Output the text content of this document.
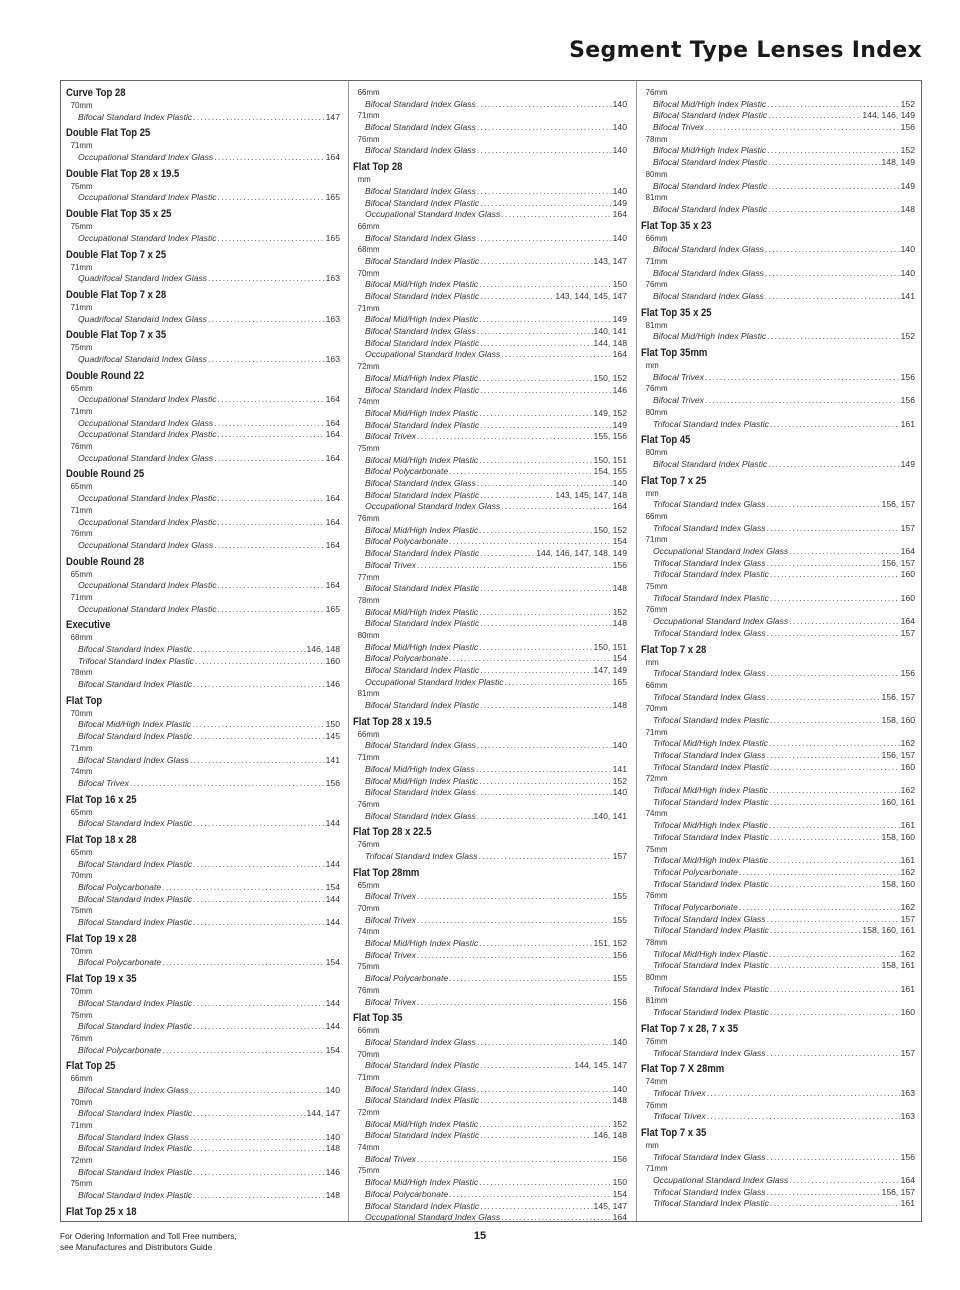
Segment Type Lenses Index
Curve Top 28
70mm
Bifocal Standard Index Plastic .....	147
Double Flat Top 25
71mm
Occupational Standard Index Glass .....	164
Double Flat Top 28 x 19.5
75mm
Occupational Standard Index Plastic .....	165
Double Flat Top 35 x 25
75mm
Occupational Standard Index Plastic .....	165
Double Flat Top 7 x 25
71mm
Quadrifocal Standard Index Glass .....	163
Double Flat Top 7 x 28
71mm
Quadrifocal Standard Index Glass .....	163
Double Flat Top 7 x 35
75mm
Quadrifocal Standard Index Glass .....	163
Double Round 22
65mm
Occupational Standard Index Plastic .....	164
71mm
Occupational Standard Index Glass .....	164
Occupational Standard Index Plastic .....	164
76mm
Occupational Standard Index Glass .....	164
Double Round 25
65mm
Occupational Standard Index Plastic .....	164
71mm
Occupational Standard Index Plastic .....	164
76mm
Occupational Standard Index Glass .....	164
Double Round 28
65mm
Occupational Standard Index Plastic .....	164
71mm
Occupational Standard Index Plastic .....	165
Executive
68mm
Bifocal Standard Index Plastic .....	146, 148
Trifocal Standard Index Plastic .....	160
78mm
Bifocal Standard Index Plastic .....	146
Flat Top
70mm
Bifocal Mid/High Index Plastic .....	150
Bifocal Standard Index Plastic .....	145
71mm
Bifocal Standard Index Glass .....	141
74mm
Bifocal Trivex .....	156
Flat Top 16 x 25
65mm
Bifocal Standard Index Plastic .....	144
Flat Top 18 x 28
65mm
Bifocal Standard Index Plastic .....	144
70mm
Bifocal Polycarbonate .....	154
Bifocal Standard Index Plastic .....	144
75mm
Bifocal Standard Index Plastic .....	144
Flat Top 19 x 28
70mm
Bifocal Polycarbonate .....	154
Flat Top 19 x 35
70mm
Bifocal Standard Index Plastic .....	144
75mm
Bifocal Standard Index Plastic .....	144
76mm
Bifocal Polycarbonate .....	154
Flat Top 25
66mm
Bifocal Standard Index Glass .....	140
70mm
Bifocal Standard Index Plastic .....	144, 147
71mm
Bifocal Standard Index Glass .....	140
Bifocal Standard Index Plastic .....	148
72mm
Bifocal Standard Index Plastic .....	146
75mm
Bifocal Standard Index Plastic .....	148
Flat Top 25 x 18
66mm
Bifocal Standard Index Glass .....	140
71mm
Bifocal Standard Index Glass .....	140
76mm
Bifocal Standard Index Glass .....	140
Flat Top 28
mm
Bifocal Standard Index Glass .....	140
Bifocal Standard Index Plastic .....	149
Occupational Standard Index Glass .....	164
66mm
Bifocal Standard Index Glass .....	140
68mm
Bifocal Standard Index Plastic .....	143, 147
70mm
Bifocal Mid/High Index Plastic .....	150
Bifocal Standard Index Plastic .....	143, 144, 145, 147
71mm
Bifocal Mid/High Index Plastic .....	149
Bifocal Standard Index Glass .....	140, 141
Bifocal Standard Index Plastic .....	144, 148
Occupational Standard Index Glass .....	164
72mm
Bifocal Mid/High Index Plastic .....	150, 152
Bifocal Standard Index Plastic .....	146
74mm
Bifocal Mid/High Index Plastic .....	149, 152
Bifocal Standard Index Plastic .....	149
Bifocal Trivex .....	155, 156
75mm
Bifocal Mid/High Index Plastic .....	150, 151
Bifocal Polycarbonate .....	154, 155
Bifocal Standard Index Glass .....	140
Bifocal Standard Index Plastic .....	143, 145, 147, 148
Occupational Standard Index Glass .....	164
76mm
Bifocal Mid/High Index Plastic .....	150, 152
Bifocal Polycarbonate .....	154
Bifocal Standard Index Plastic .....	144, 146, 147, 148, 149
Bifocal Trivex .....	156
77mm
Bifocal Standard Index Plastic .....	148
78mm
Bifocal Mid/High Index Plastic .....	152
Bifocal Standard Index Plastic .....	148
80mm
Bifocal Mid/High Index Plastic .....	150, 151
Bifocal Polycarbonate .....	154
Bifocal Standard Index Plastic .....	147, 149
Occupational Standard Index Plastic .....	165
81mm
Bifocal Standard Index Plastic .....	148
Flat Top 28 x 19.5
66mm
Bifocal Standard Index Glass .....	140
71mm
Bifocal Mid/High Index Glass .....	141
Bifocal Mid/High Index Plastic .....	152
Bifocal Standard Index Glass .....	140
76mm
Bifocal Standard Index Glass .....	140, 141
Flat Top 28 x 22.5
76mm
Trifocal Standard Index Glass .....	157
Flat Top 28mm
65mm
Bifocal Trivex .....	155
70mm
Bifocal Trivex .....	155
74mm
Bifocal Mid/High Index Plastic .....	151, 152
Bifocal Trivex .....	156
75mm
Bifocal Polycarbonate .....	155
76mm
Bifocal Trivex .....	156
Flat Top 35
66mm
Bifocal Standard Index Glass .....	140
70mm
Bifocal Standard Index Plastic .....	144, 145, 147
71mm
Bifocal Standard Index Glass .....	140
Bifocal Standard Index Plastic .....	148
72mm
Bifocal Mid/High Index Plastic .....	152
Bifocal Standard Index Plastic .....	146, 148
74mm
Bifocal Trivex .....	156
75mm
Bifocal Mid/High Index Plastic .....	150
Bifocal Polycarbonate .....	154
Bifocal Standard Index Plastic .....	145, 147
Occupational Standard Index Glass .....	164
76mm
Bifocal Mid/High Index Plastic .....	152
Bifocal Standard Index Plastic .....	144, 146, 149
Bifocal Trivex .....	156
78mm
Bifocal Mid/High Index Plastic .....	152
Bifocal Standard Index Plastic .....	148, 149
80mm
Bifocal Standard Index Plastic .....	149
81mm
Bifocal Standard Index Plastic .....	148
Flat Top 35 x 23
66mm
Bifocal Standard Index Glass .....	140
71mm
Bifocal Standard Index Glass .....	140
76mm
Bifocal Standard Index Glass .....	141
Flat Top 35 x 25
81mm
Bifocal Mid/High Index Plastic .....	152
Flat Top 35mm
mm
Bifocal Trivex .....	156
76mm
Bifocal Trivex .....	156
80mm
Trifocal Standard Index Plastic .....	161
Flat Top 45
80mm
Bifocal Standard Index Plastic .....	149
Flat Top 7 x 25
mm
Trifocal Standard Index Glass .....	156, 157
66mm
Trifocal Standard Index Glass .....	157
71mm
Occupational Standard Index Glass .....	164
Trifocal Standard Index Glass .....	156, 157
Trifocal Standard Index Plastic .....	160
75mm
Trifocal Standard Index Plastic .....	160
76mm
Occupational Standard Index Glass .....	164
Trifocal Standard Index Glass .....	157
Flat Top 7 x 28
mm
Trifocal Standard Index Glass .....	156
66mm
Trifocal Standard Index Glass .....	156, 157
70mm
Trifocal Standard Index Plastic .....	158, 160
71mm
Trifocal Mid/High Index Plastic .....	162
Trifocal Standard Index Glass .....	156, 157
Trifocal Standard Index Plastic .....	160
72mm
Trifocal Mid/High Index Plastic .....	162
Trifocal Standard Index Plastic .....	160, 161
74mm
Trifocal Mid/High Index Plastic .....	161
Trifocal Standard Index Plastic .....	158, 160
75mm
Trifocal Mid/High Index Plastic .....	161
Trifocal Polycarbonate .....	162
Trifocal Standard Index Plastic .....	158, 160
76mm
Trifocal Polycarbonate .....	162
Trifocal Standard Index Glass .....	157
Trifocal Standard Index Plastic .....	158, 160, 161
78mm
Trifocal Mid/High Index Plastic .....	162
Trifocal Standard Index Plastic .....	158, 161
80mm
Trifocal Standard Index Plastic .....	161
81mm
Trifocal Standard Index Plastic .....	160
Flat Top 7 x 28, 7 x 35
76mm
Trifocal Standard Index Glass .....	157
Flat Top 7 X 28mm
74mm
Trifocal Trivex .....	163
76mm
Trifocal Trivex .....	163
Flat Top 7 x 35
mm
Trifocal Standard Index Glass .....	156
71mm
Occupational Standard Index Glass .....	164
Trifocal Standard Index Glass .....	156, 157
Trifocal Standard Index Plastic .....	161
For Odering Information and Toll Free numbers,
see Manufactures and Distributors Guide
15
